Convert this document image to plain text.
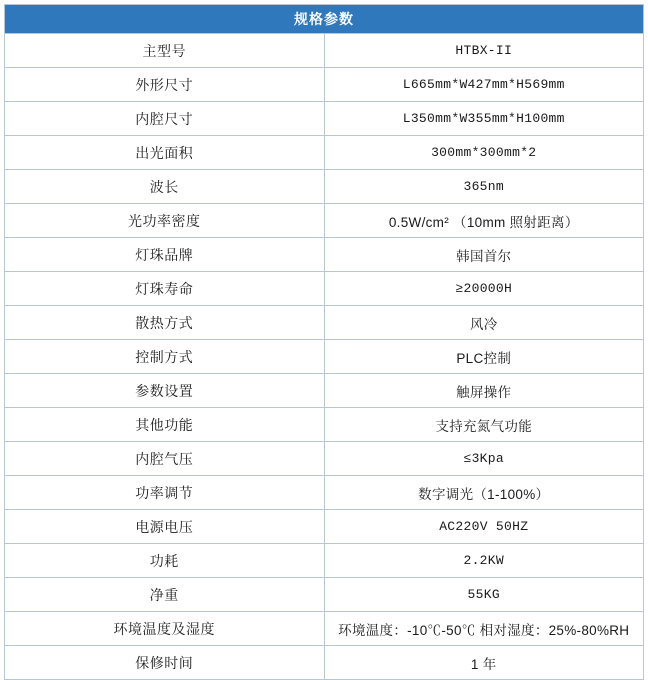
规格参数	
主型号	HTBX-II
外形尺寸	L665mm*W427mm*H569mm
内腔尺寸	L350mm*W355mm*H100mm
出光面积	300mm*300mm*2
波长	365nm
光功率密度	0.5W/cm² （10mm 照射距离）
灯珠品牌	韩国首尔
灯珠寿命	≥20000H
散热方式	风冷
控制方式	PLC控制
参数设置	触屏操作
其他功能	支持充氮气功能
内腔气压	≤3Kpa
功率调节	数字调光（1-100%）
电源电压	AC220V 50HZ
功耗	2.2KW
净重	55KG
环境温度及湿度	环境温度：-10℃-50℃ 相对湿度：25%-80%RH
保修时间	1 年
